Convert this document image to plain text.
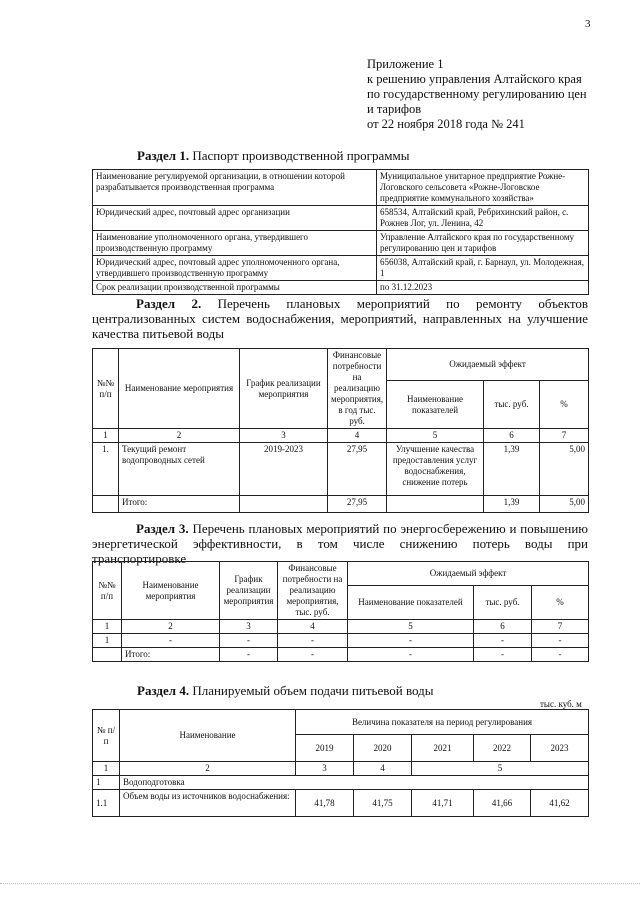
3
Приложение 1
к решению управления Алтайского края
по государственному регулированию цен
и тарифов
от 22 ноября 2018 года № 241
Раздел 1. Паспорт производственной программы
Наименование регулируемой организации, в отношении которой разрабатывается производственная программа	Муниципальное унитарное предприятие Рожне-Логовского сельсовета «Рожне-Логовское предприятие коммунального хозяйства»
Юридический адрес, почтовый адрес организации	658534, Алтайский край, Ребрихинский район, с. Рожнев Лог, ул. Ленина, 42
Наименование уполномоченного органа, утвердившего производственную программу	Управление Алтайского края по государственному регулированию цен и тарифов
Юридический адрес, почтовый адрес уполномоченного органа, утвердившего производственную программу	656038, Алтайский край, г. Барнаул, ул. Молодежная, 1
Срок реализации производственной программы	по 31.12.2023
Раздел 2. Перечень плановых мероприятий по ремонту объектов централизованных систем водоснабжения, мероприятий, направленных на улучшение качества питьевой воды
№№ п/п	Наименование мероприятия	График реализации мероприятия	Финансовые потребности на реализацию мероприятия, в год тыс. руб.	Ожидаемый эффект		
				Наименование показателей	тыс. руб.	%
1	2	3	4	5	6	7
1.	Текущий ремонт водопроводных сетей	2019-2023	27,95	Улучшение качества предоставления услуг водоснабжения, снижение потерь	1,39	5,00
	Итого:		27,95		1,39	5,00
Раздел 3. Перечень плановых мероприятий по энергосбережению и повышению энергетической эффективности, в том числе снижению потерь воды при транспортировке
№№ п/п	Наименование мероприятия	График реализации мероприятия	Финансовые потребности на реализацию мероприятия, тыс. руб.	Ожидаемый эффект		
				Наименование показателей	тыс. руб.	%
1	2	3	4	5	6	7
1	-	-	-	-	-	-
	Итого:	-	-	-	-	-
Раздел 4. Планируемый объем подачи питьевой воды
тыс. куб. м
№ п/п	Наименование	Величина показателя на период регулирования				
		2019	2020	2021	2022	2023
1	2	3	4	5		
1	Водоподготовка					
1.1	Объем воды из источников водоснабжения:	41,78	41,75	41,71	41,66	41,62
